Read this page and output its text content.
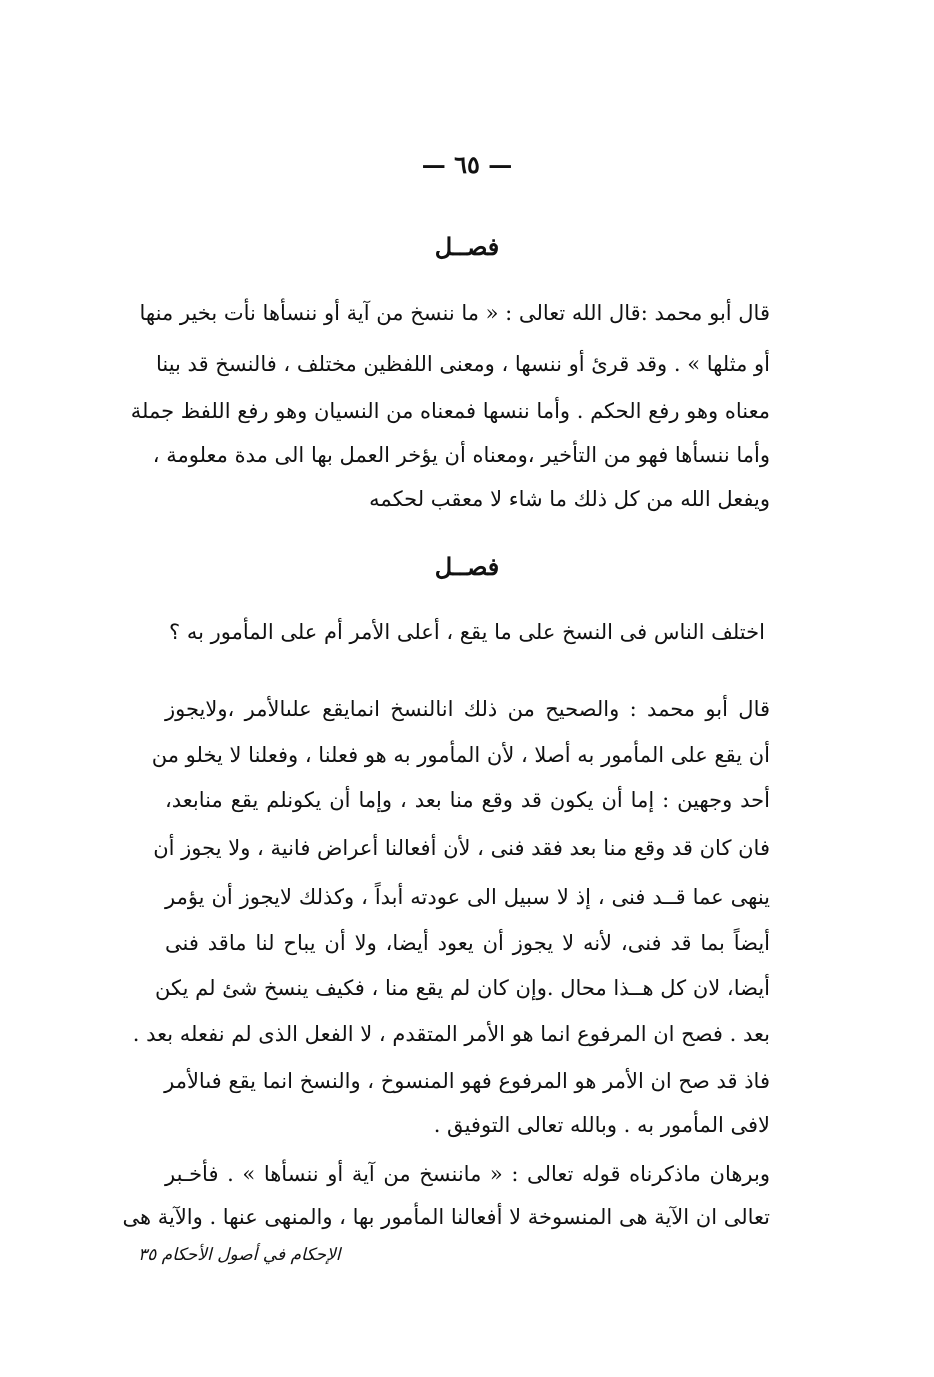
— ٦٥ —
فصــل
قال أبو محمد :قال الله تعالى : « ما ننسخ من آية أو ننسأها نأت بخير منها
أو مثلها » . وقد قرئ أو ننسها ، ومعنى اللفظين مختلف ، فالنسخ قد بينا
معناه وهو رفع الحكم . وأما ننسها فمعناه من النسيان وهو رفع اللفظ جملة
وأما ننسأها فهو من التأخير ،ومعناه أن يؤخر العمل بها الى مدة معلومة ،
ويفعل الله من كل ذلك ما شاء لا معقب لحكمه
فصــل
اختلف الناس فى النسخ على ما يقع ، أعلى الأمر أم على المأمور به ؟
قال أبو محمد : والصحيح من ذلك انالنسخ انمايقع علىالأمر ،ولايجوز
أن يقع على المأمور به أصلا ، لأن المأمور به هو فعلنا ، وفعلنا لا يخلو من
أحد وجهين : إما أن يكون قد وقع منا بعد ، وإما أن يكونلم يقع منابعد،
فان كان قد وقع منا بعد فقد فنى ، لأن أفعالنا أعراض فانية ، ولا يجوز أن
ينهى عما قــد فنى ، إذ لا سبيل الى عودته أبداً ، وكذلك لايجوز أن يؤمر
أيضاً بما قد فنى، لأنه لا يجوز أن يعود أيضا، ولا أن يباح لنا ماقد فنى
أيضا، لان كل هــذا محال .وإن كان لم يقع منا ، فكيف ينسخ شئ لم يكن
بعد . فصح ان المرفوع انما هو الأمر المتقدم ، لا الفعل الذى لم نفعله بعد .
فاذ قد صح ان الأمر هو المرفوع فهو المنسوخ ، والنسخ انما يقع فىالأمر
لافى المأمور به . وبالله تعالى التوفيق .
وبرهان ماذكرناه قوله تعالى : « ماننسخ من آية أو ننسأها » . فأخـبر
تعالى ان الآية هى المنسوخة لا أفعالنا المأمور بها ، والمنهى عنها . والآية هى
الإحكام في أصول الأحكام ٣٥
